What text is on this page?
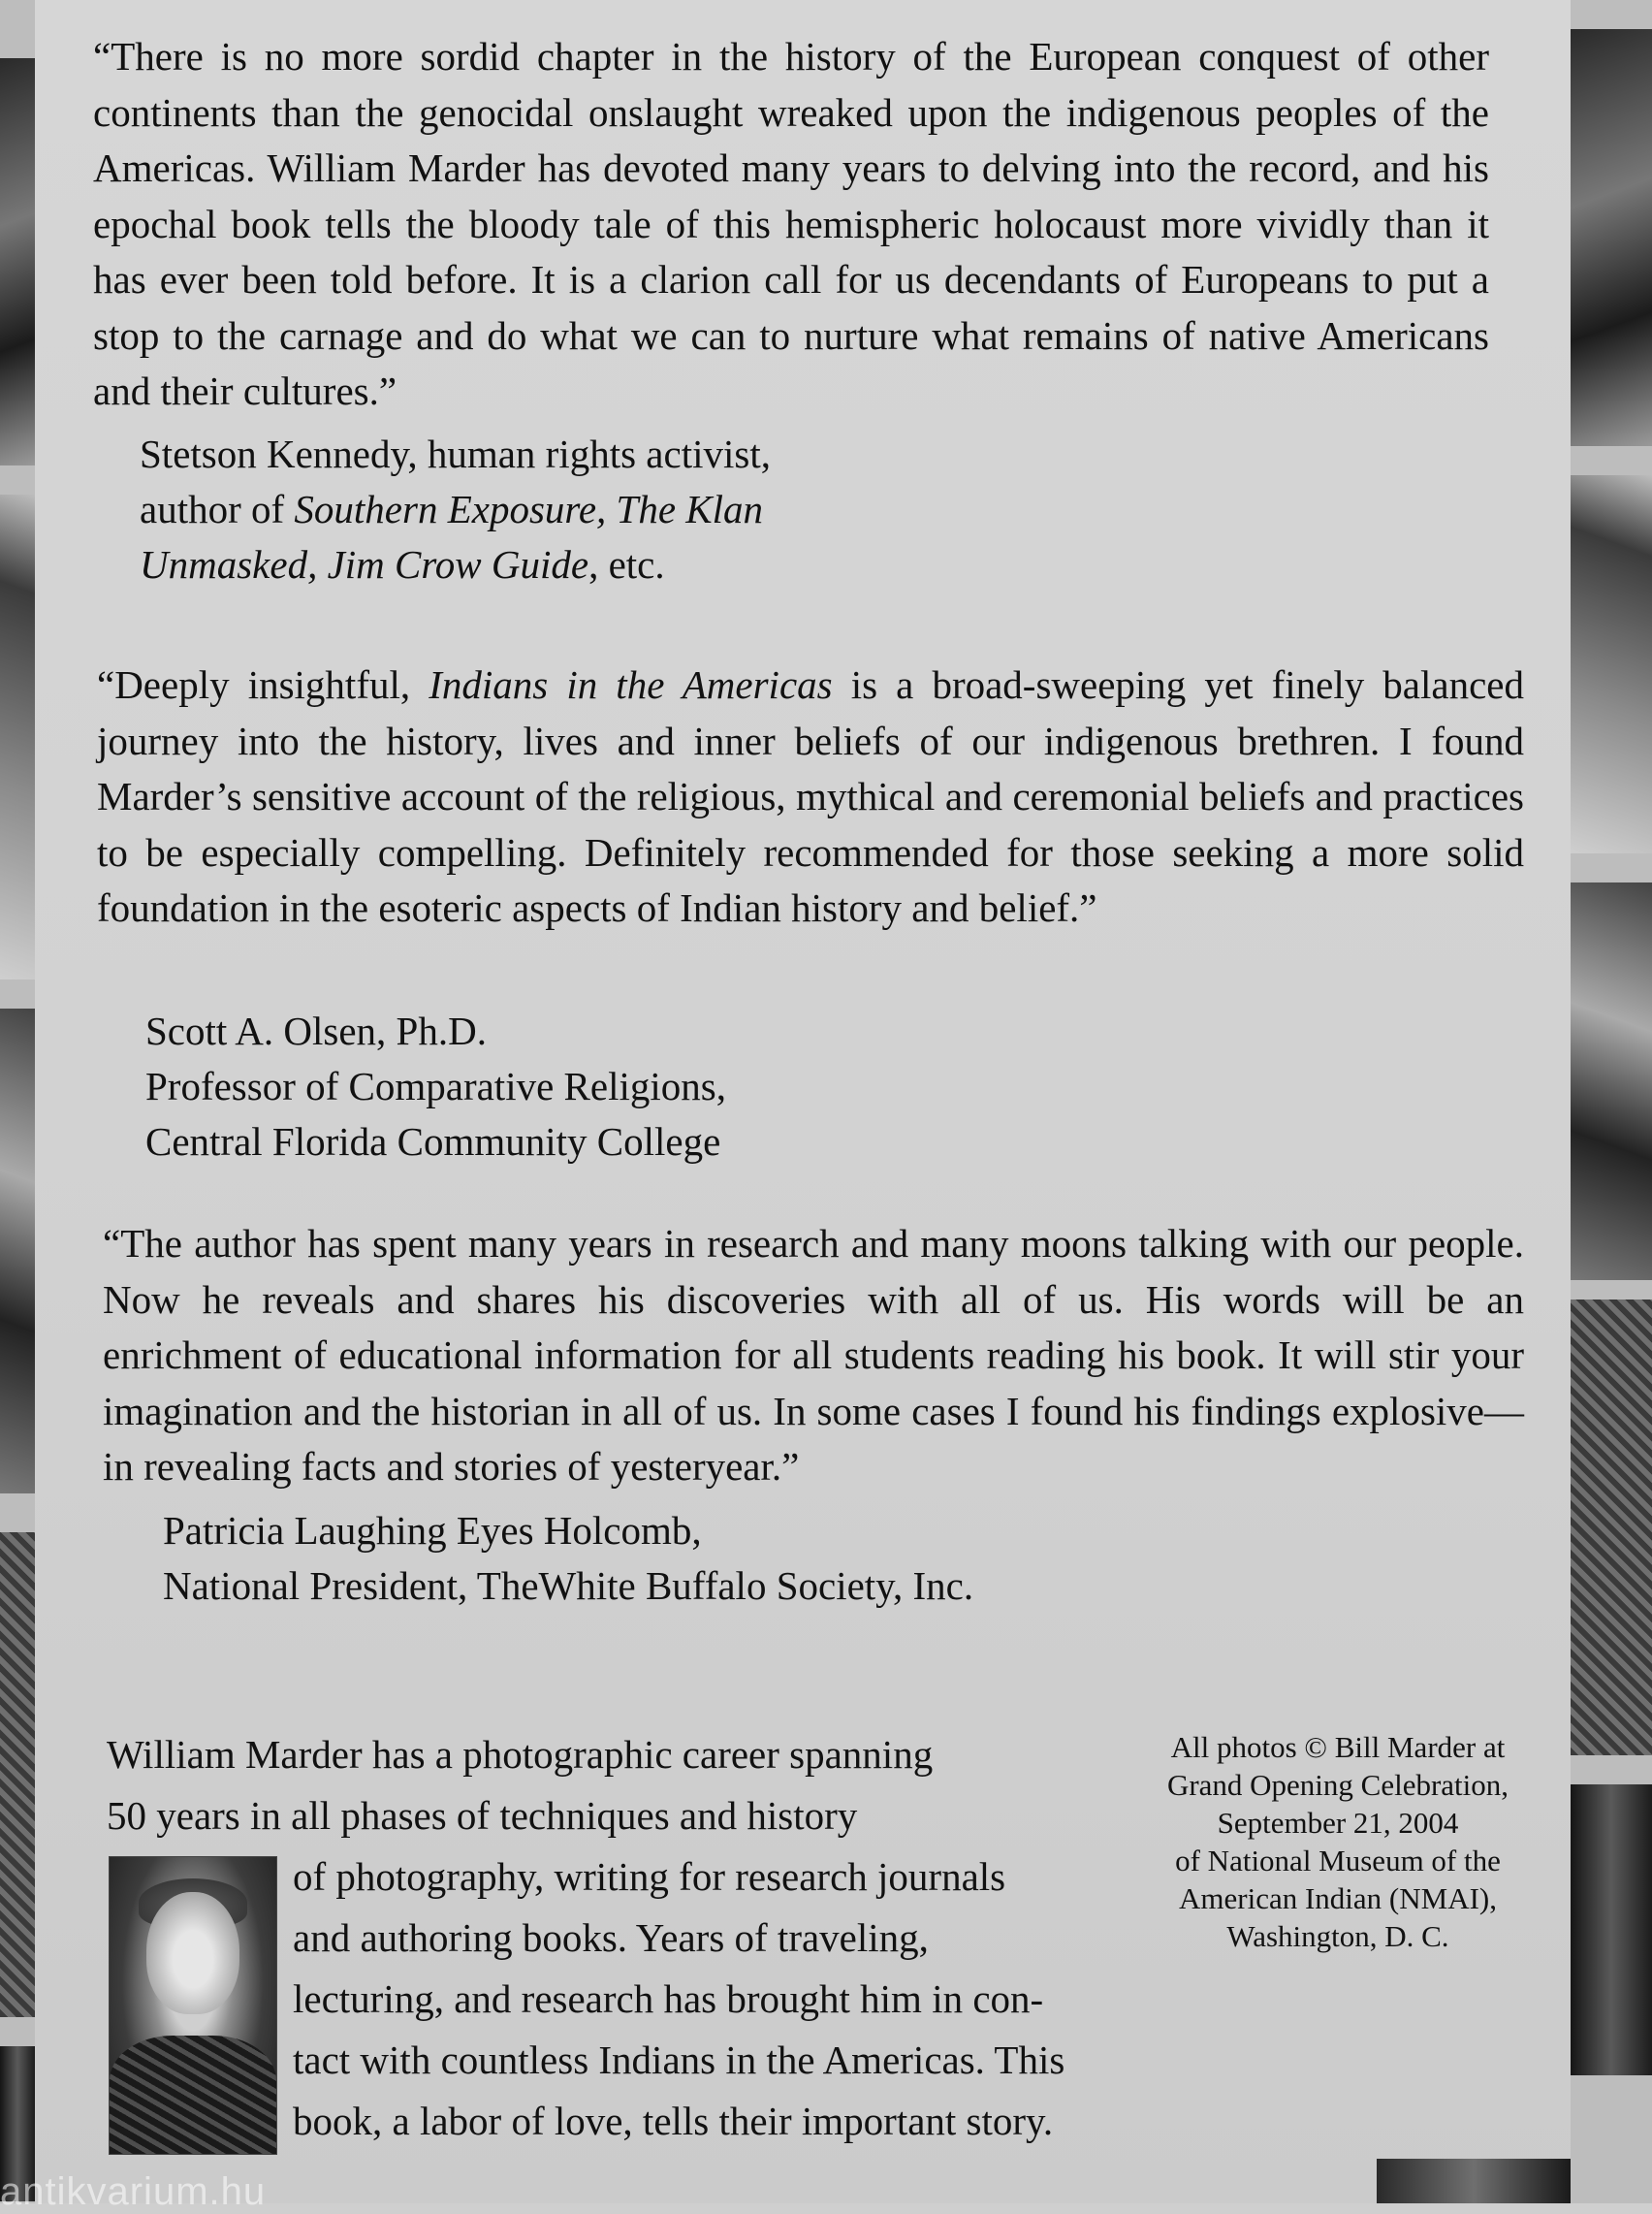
“There is no more sordid chapter in the history of the European conquest of other continents than the genocidal onslaught wreaked upon the indigenous peoples of the Americas. William Marder has devoted many years to delving into the record, and his epochal book tells the bloody tale of this hemispheric holocaust more vividly than it has ever been told before. It is a clarion call for us decendants of Europeans to put a stop to the carnage and do what we can to nurture what remains of native Americans and their cultures.”

Stetson Kennedy, human rights activist,
author of Southern Exposure, The Klan
Unmasked, Jim Crow Guide, etc.

“Deeply insightful, Indians in the Americas is a broad-sweeping yet finely balanced journey into the history, lives and inner beliefs of our indigenous brethren. I found Marder’s sensitive account of the religious, mythical and ceremonial beliefs and practices to be especially compelling. Definitely recommended for those seeking a more solid foundation in the esoteric aspects of Indian history and belief.”

Scott A. Olsen, Ph.D.
Professor of Comparative Religions,
Central Florida Community College

“The author has spent many years in research and many moons talking with our people. Now he reveals and shares his discoveries with all of us. His words will be an enrichment of educational information for all students reading his book. It will stir your imagination and the historian in all of us. In some cases I found his findings explosive—in revealing facts and stories of yesteryear.”

Patricia Laughing Eyes Holcomb,
National President, TheWhite Buffalo Society, Inc.
William Marder has a photographic career spanning
50 years in all phases of techniques and history
of photography, writing for research journals
and authoring books. Years of traveling,
lecturing, and research has brought him in con-
tact with countless Indians in the Americas. This
book, a labor of love, tells their important story.
All photos © Bill Marder at
Grand Opening Celebration,
September 21, 2004
of National Museum of the
American Indian (NMAI),
Washington, D. C.
antikvarium.hu
